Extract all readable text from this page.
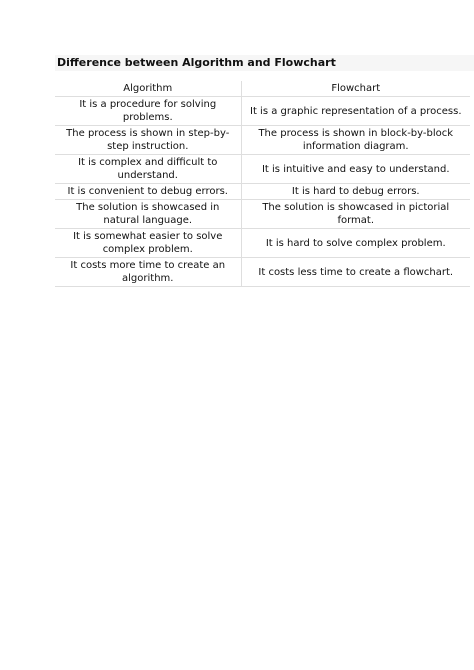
Difference between Algorithm and Flowchart
Algorithm	Flowchart
It is a procedure for solving problems.	It is a graphic representation of a process.
The process is shown in step-by-step instruction.	The process is shown in block-by-block information diagram.
It is complex and difficult to understand.	It is intuitive and easy to understand.
It is convenient to debug errors.	It is hard to debug errors.
The solution is showcased in natural language.	The solution is showcased in pictorial format.
It is somewhat easier to solve complex problem.	It is hard to solve complex problem.
It costs more time to create an algorithm.	It costs less time to create a flowchart.
